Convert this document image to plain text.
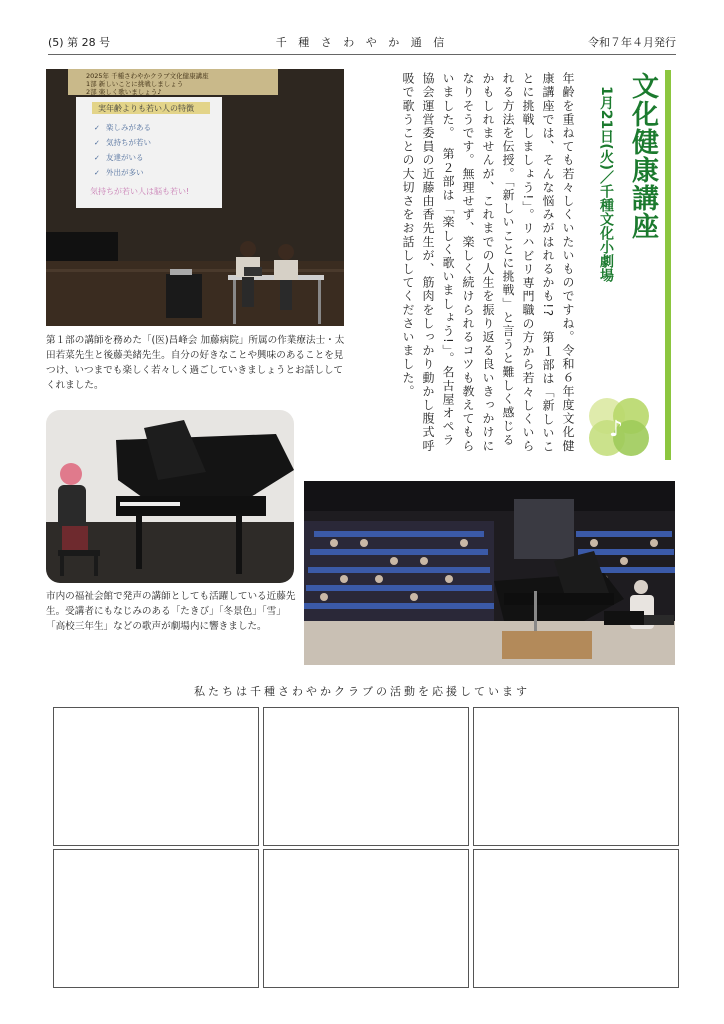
(5) 第 28 号	千 種 さ わ や か 通 信	令和７年４月発行
2025年 千種さわやかクラブ文化健康講座
1部 新しいことに挑戦しましょう
2部 楽しく歌いましょう♪
実年齢よりも若い人の特徴
楽しみがある
気持ちが若い
友達がいる
外出が多い
✓
✓
✓
✓
気持ちが若い人は脳も若い!
第１部の講師を務めた「(医)昌峰会 加藤病院」所属の作業療法士・太田若菜先生と後藤美緒先生。自分の好きなことや興味のあることを見つけ、いつまでも楽しく若々しく過ごしていきましょうとお話ししてくれました。
市内の福祉会館で発声の講師としても活躍している近藤先生。受講者にもなじみのある「たきび」「冬景色」「雪」「高校三年生」などの歌声が劇場内に響きました。
文化健康講座
1月21日(火)／千種文化小劇場
♪
年齢を重ねても若々しくいたいものですね。令和６年度文化健康講座では、そんな悩みがはれるかも!?　第１部は「新しいことに挑戦しましょう!」。リハビリ専門職の方から若々しくいられる方法を伝授。「新しいことに挑戦」と言うと難しく感じるかもしれませんが、これまでの人生を振り返る良いきっかけになりそうです。無理せず、楽しく続けられるコツも教えてもらいました。　第２部は「楽しく歌いましょう!」。名古屋オペラ協会運営委員の近藤由香先生が、筋肉をしっかり動かし腹式呼吸で歌うことの大切さをお話ししてくださいました。
私たちは千種さわやかクラブの活動を応援しています
